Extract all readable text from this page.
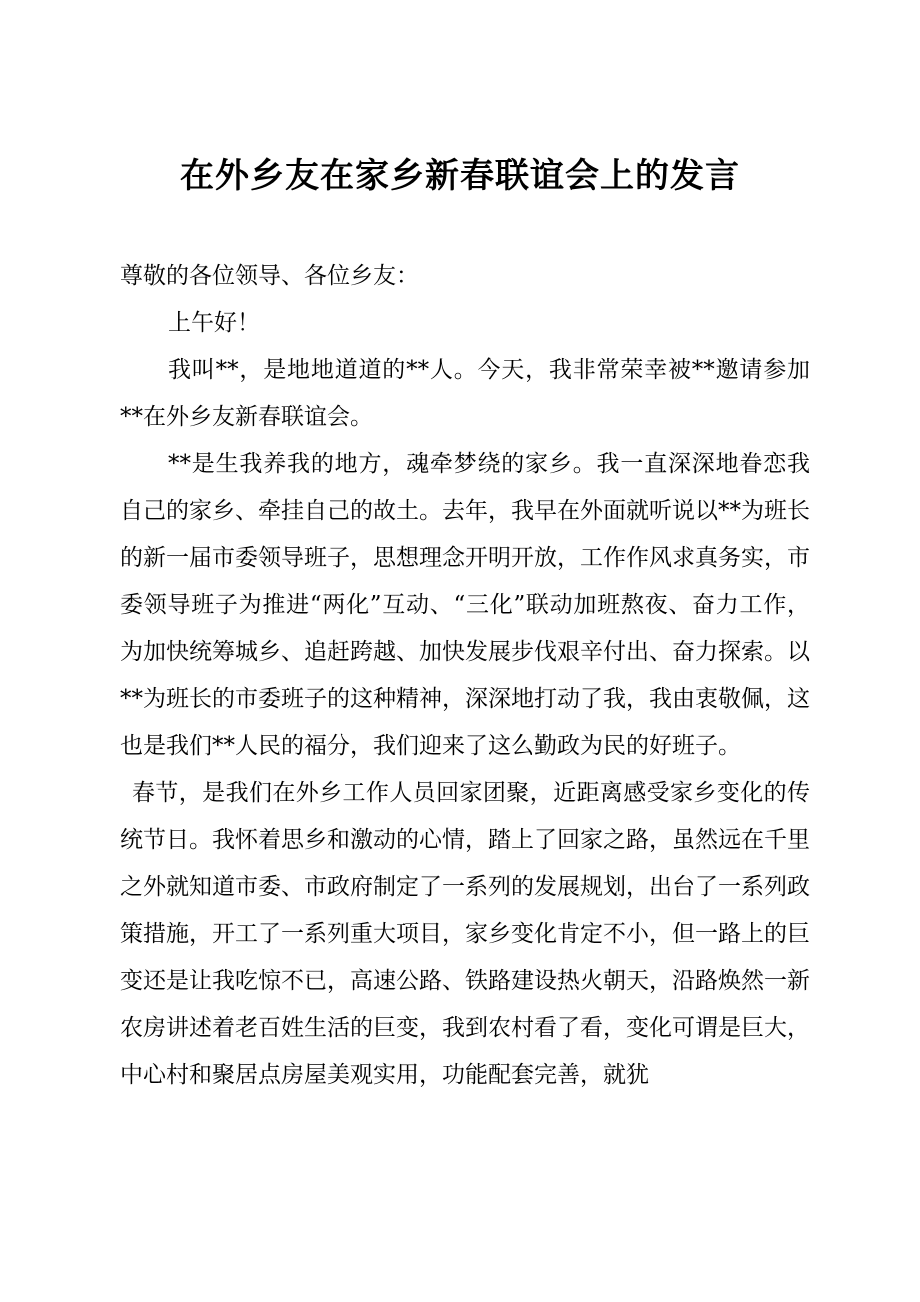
在外乡友在家乡新春联谊会上的发言

尊敬的各位领导、各位乡友：

上午好！

我叫**，是地地道道的**人。今天，我非常荣幸被**邀请参加**在外乡友新春联谊会。

**是生我养我的地方，魂牵梦绕的家乡。我一直深深地眷恋我自己的家乡、牵挂自己的故土。去年，我早在外面就听说以**为班长的新一届市委领导班子，思想理念开明开放，工作作风求真务实，市委领导班子为推进“两化”互动、“三化”联动加班熬夜、奋力工作，为加快统筹城乡、追赶跨越、加快发展步伐艰辛付出、奋力探索。以**为班长的市委班子的这种精神，深深地打动了我，我由衷敬佩，这也是我们**人民的福分，我们迎来了这么勤政为民的好班子。

春节，是我们在外乡工作人员回家团聚，近距离感受家乡变化的传统节日。我怀着思乡和激动的心情，踏上了回家之路，虽然远在千里之外就知道市委、市政府制定了一系列的发展规划，出台了一系列政策措施，开工了一系列重大项目，家乡变化肯定不小，但一路上的巨变还是让我吃惊不已，高速公路、铁路建设热火朝天，沿路焕然一新农房讲述着老百姓生活的巨变，我到农村看了看，变化可谓是巨大，中心村和聚居点房屋美观实用，功能配套完善，就犹
